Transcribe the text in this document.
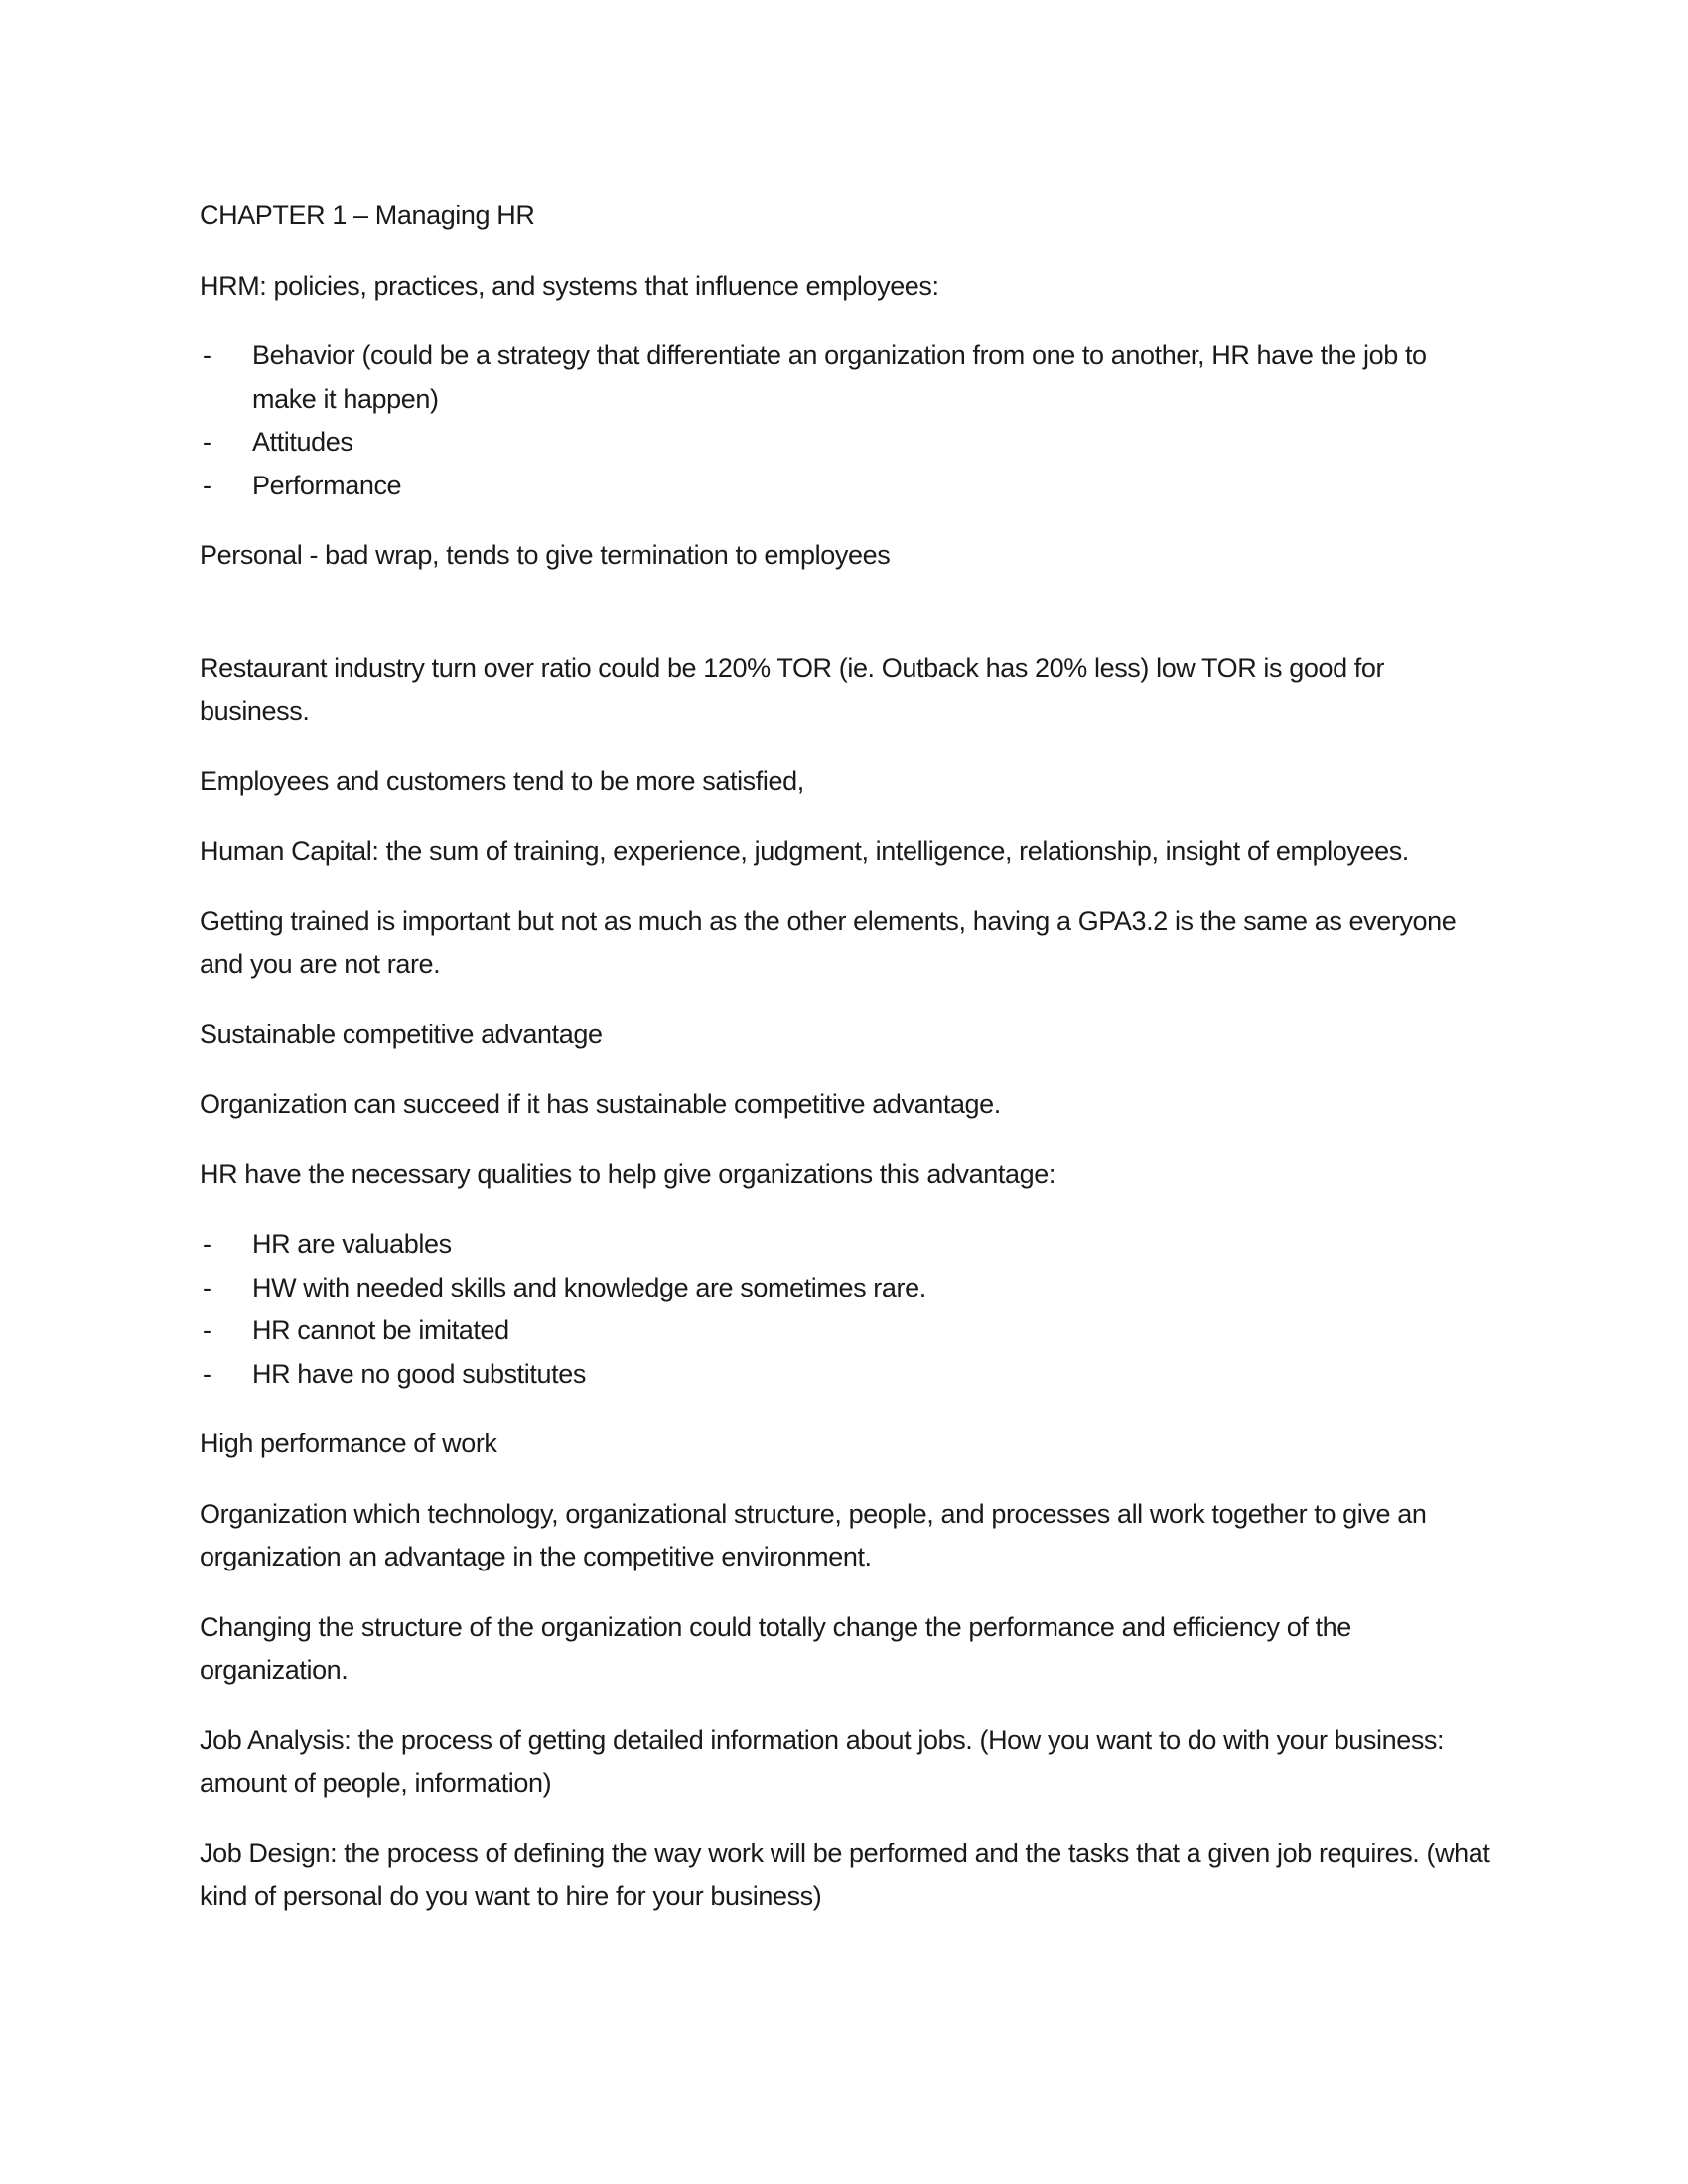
CHAPTER 1 – Managing HR

HRM: policies, practices, and systems that influence employees:

- Behavior (could be a strategy that differentiate an organization from one to another, HR have the job to make it happen)
- Attitudes
- Performance

Personal - bad wrap, tends to give termination to employees

Restaurant industry turn over ratio could be 120% TOR (ie. Outback has 20% less) low TOR is good for business.

Employees and customers tend to be more satisfied,

Human Capital: the sum of training, experience, judgment, intelligence, relationship, insight of employees.

Getting trained is important but not as much as the other elements, having a GPA3.2 is the same as everyone and you are not rare.

Sustainable competitive advantage

Organization can succeed if it has sustainable competitive advantage.

HR have the necessary qualities to help give organizations this advantage:

- HR are valuables
- HW with needed skills and knowledge are sometimes rare.
- HR cannot be imitated
- HR have no good substitutes

High performance of work

Organization which technology, organizational structure, people, and processes all work together to give an organization an advantage in the competitive environment.

Changing the structure of the organization could totally change the performance and efficiency of the organization.

Job Analysis: the process of getting detailed information about jobs. (How you want to do with your business: amount of people, information)

Job Design: the process of defining the way work will be performed and the tasks that a given job requires. (what kind of personal do you want to hire for your business)
